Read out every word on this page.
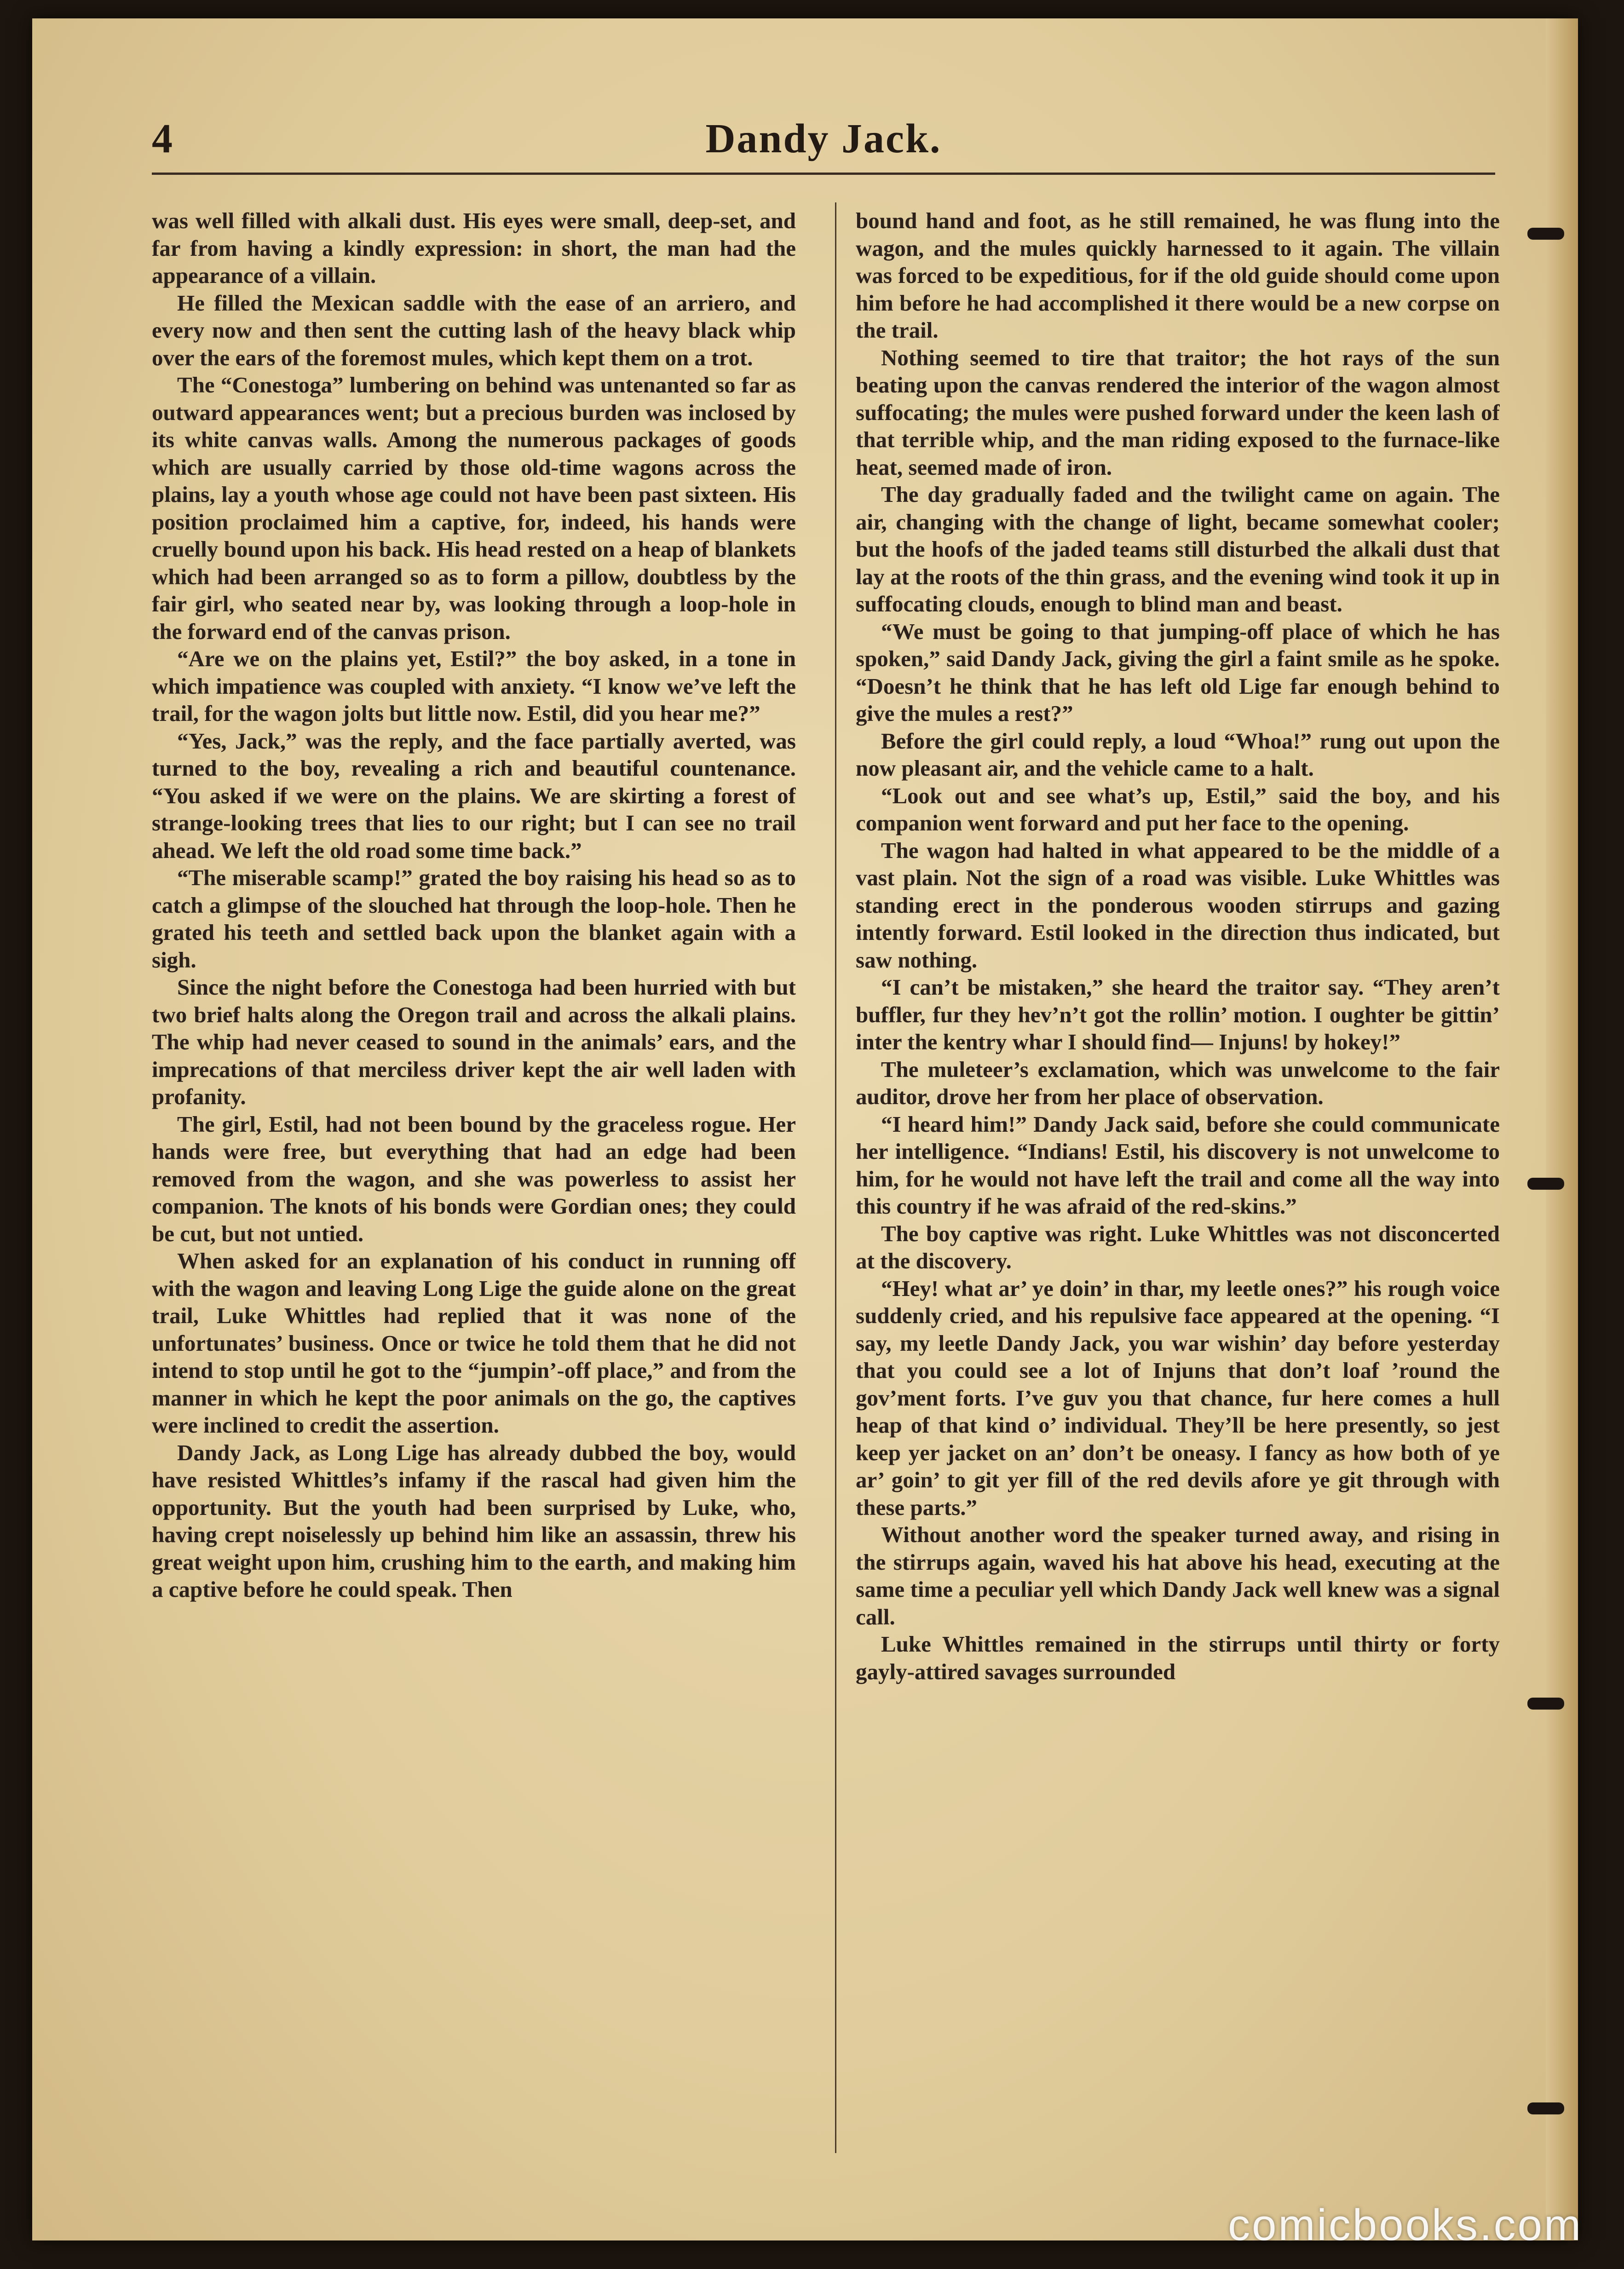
4	Dandy Jack.

was well filled with alkali dust. His eyes were small, deep-set, and far from having a kindly expression: in short, the man had the appearance of a villain.

He filled the Mexican saddle with the ease of an arriero, and every now and then sent the cutting lash of the heavy black whip over the ears of the foremost mules, which kept them on a trot.

The “Conestoga” lumbering on behind was untenanted so far as outward appearances went; but a precious burden was inclosed by its white canvas walls. Among the numerous packages of goods which are usually carried by those old-time wagons across the plains, lay a youth whose age could not have been past sixteen. His position proclaimed him a captive, for, indeed, his hands were cruelly bound upon his back. His head rested on a heap of blankets which had been arranged so as to form a pillow, doubtless by the fair girl, who seated near by, was looking through a loop-hole in the forward end of the canvas prison.

“Are we on the plains yet, Estil?” the boy asked, in a tone in which impatience was coupled with anxiety. “I know we’ve left the trail, for the wagon jolts but little now. Estil, did you hear me?”

“Yes, Jack,” was the reply, and the face partially averted, was turned to the boy, revealing a rich and beautiful countenance. “You asked if we were on the plains. We are skirting a forest of strange-looking trees that lies to our right; but I can see no trail ahead. We left the old road some time back.”

“The miserable scamp!” grated the boy raising his head so as to catch a glimpse of the slouched hat through the loop-hole. Then he grated his teeth and settled back upon the blanket again with a sigh.

Since the night before the Conestoga had been hurried with but two brief halts along the Oregon trail and across the alkali plains. The whip had never ceased to sound in the animals’ ears, and the imprecations of that merciless driver kept the air well laden with profanity.

The girl, Estil, had not been bound by the graceless rogue. Her hands were free, but everything that had an edge had been removed from the wagon, and she was powerless to assist her companion. The knots of his bonds were Gordian ones; they could be cut, but not untied.

When asked for an explanation of his conduct in running off with the wagon and leaving Long Lige the guide alone on the great trail, Luke Whittles had replied that it was none of the unfortunates’ business. Once or twice he told them that he did not intend to stop until he got to the “jumpin’-off place,” and from the manner in which he kept the poor animals on the go, the captives were inclined to credit the assertion.

Dandy Jack, as Long Lige has already dubbed the boy, would have resisted Whittles’s infamy if the rascal had given him the opportunity. But the youth had been surprised by Luke, who, having crept noiselessly up behind him like an assassin, threw his great weight upon him, crushing him to the earth, and making him a captive before he could speak. Then

bound hand and foot, as he still remained, he was flung into the wagon, and the mules quickly harnessed to it again. The villain was forced to be expeditious, for if the old guide should come upon him before he had accomplished it there would be a new corpse on the trail.

Nothing seemed to tire that traitor; the hot rays of the sun beating upon the canvas rendered the interior of the wagon almost suffocating; the mules were pushed forward under the keen lash of that terrible whip, and the man riding exposed to the furnace-like heat, seemed made of iron.

The day gradually faded and the twilight came on again. The air, changing with the change of light, became somewhat cooler; but the hoofs of the jaded teams still disturbed the alkali dust that lay at the roots of the thin grass, and the evening wind took it up in suffocating clouds, enough to blind man and beast.

“We must be going to that jumping-off place of which he has spoken,” said Dandy Jack, giving the girl a faint smile as he spoke. “Doesn’t he think that he has left old Lige far enough behind to give the mules a rest?”

Before the girl could reply, a loud “Whoa!” rung out upon the now pleasant air, and the vehicle came to a halt.

“Look out and see what’s up, Estil,” said the boy, and his companion went forward and put her face to the opening.

The wagon had halted in what appeared to be the middle of a vast plain. Not the sign of a road was visible. Luke Whittles was standing erect in the ponderous wooden stirrups and gazing intently forward. Estil looked in the direction thus indicated, but saw nothing.

“I can’t be mistaken,” she heard the traitor say. “They aren’t buffler, fur they hev’n’t got the rollin’ motion. I oughter be gittin’ inter the kentry whar I should find— Injuns! by hokey!”

The muleteer’s exclamation, which was unwelcome to the fair auditor, drove her from her place of observation.

“I heard him!” Dandy Jack said, before she could communicate her intelligence. “Indians! Estil, his discovery is not unwelcome to him, for he would not have left the trail and come all the way into this country if he was afraid of the red-skins.”

The boy captive was right. Luke Whittles was not disconcerted at the discovery.

“Hey! what ar’ ye doin’ in thar, my leetle ones?” his rough voice suddenly cried, and his repulsive face appeared at the opening. “I say, my leetle Dandy Jack, you war wishin’ day before yesterday that you could see a lot of Injuns that don’t loaf ’round the gov’ment forts. I’ve guv you that chance, fur here comes a hull heap of that kind o’ individual. They’ll be here presently, so jest keep yer jacket on an’ don’t be oneasy. I fancy as how both of ye ar’ goin’ to git yer fill of the red devils afore ye git through with these parts.”

Without another word the speaker turned away, and rising in the stirrups again, waved his hat above his head, executing at the same time a peculiar yell which Dandy Jack well knew was a signal call.

Luke Whittles remained in the stirrups until thirty or forty gayly-attired savages surrounded

comicbooks.com
